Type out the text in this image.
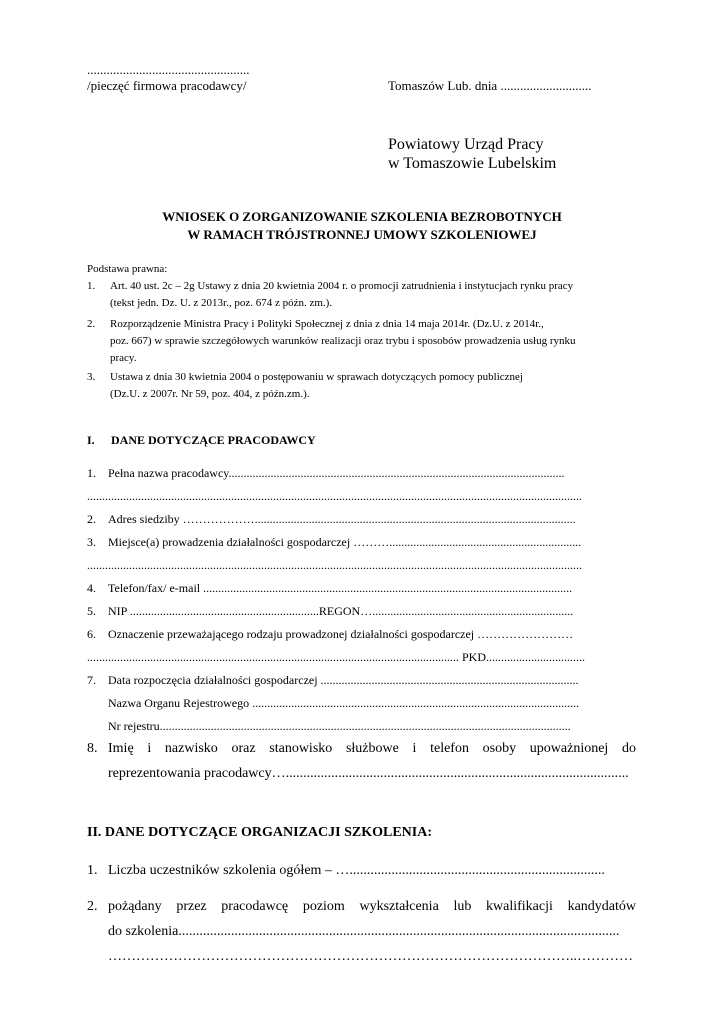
..................................................
/pieczęć firmowa pracodawcy/	Tomaszów Lub. dnia ............................
Powiatowy Urząd Pracy
w Tomaszowie Lubelskim
WNIOSEK O ZORGANIZOWANIE SZKOLENIA BEZROBOTNYCH
W RAMACH TRÓJSTRONNEJ UMOWY SZKOLENIOWEJ
Podstawa prawna:
1. Art. 40 ust. 2c – 2g Ustawy z dnia 20 kwietnia 2004 r. o promocji zatrudnienia i instytucjach rynku pracy
(tekst jedn. Dz. U. z 2013r., poz. 674 z późn. zm.).
2. Rozporządzenie Ministra Pracy i Polityki Społecznej z dnia z dnia 14 maja 2014r. (Dz.U. z 2014r.,
poz. 667) w sprawie szczegółowych warunków realizacji oraz trybu i sposobów prowadzenia usług rynku
pracy.
3. Ustawa z dnia 30 kwietnia 2004 o postępowaniu w sprawach dotyczących pomocy publicznej
(Dz.U. z 2007r. Nr 59, poz. 404, z późn.zm.).
I. DANE DOTYCZĄCE PRACODAWCY
1. Pełna nazwa pracodawcy................................................................................................................
.....................................................................................................................................................................
2. Adres siedziby ………………...........................................................................................................
3. Miejsce(a) prowadzenia działalności gospodarczej ………................................................................
.....................................................................................................................................................................
4. Telefon/fax/ e-mail ...........................................................................................................................
5. NIP ...............................................................REGON…...................................................................
6. Oznaczenie przeważającego rodzaju prowadzonej działalności gospodarczej ……………………
............................................................................................................................ PKD.................................
7. Data rozpoczęcia działalności gospodarczej ......................................................................................
Nazwa Organu Rejestrowego .............................................................................................................
Nr rejestru.........................................................................................................................................
8. Imię i nazwisko oraz stanowisko służbowe i telefon osoby upoważnionej do
reprezentowania pracodawcy…..................................................................................................
II. DANE DOTYCZĄCE ORGANIZACJI SZKOLENIA:
1. Liczba uczestników szkolenia ogółem – ….........................................................................
2. pożądany przez pracodawcę poziom wykształcenia lub kwalifikacji kandydatów
do szkolenia..............................................................................................................................
………………………………………………………………………………………..…………
